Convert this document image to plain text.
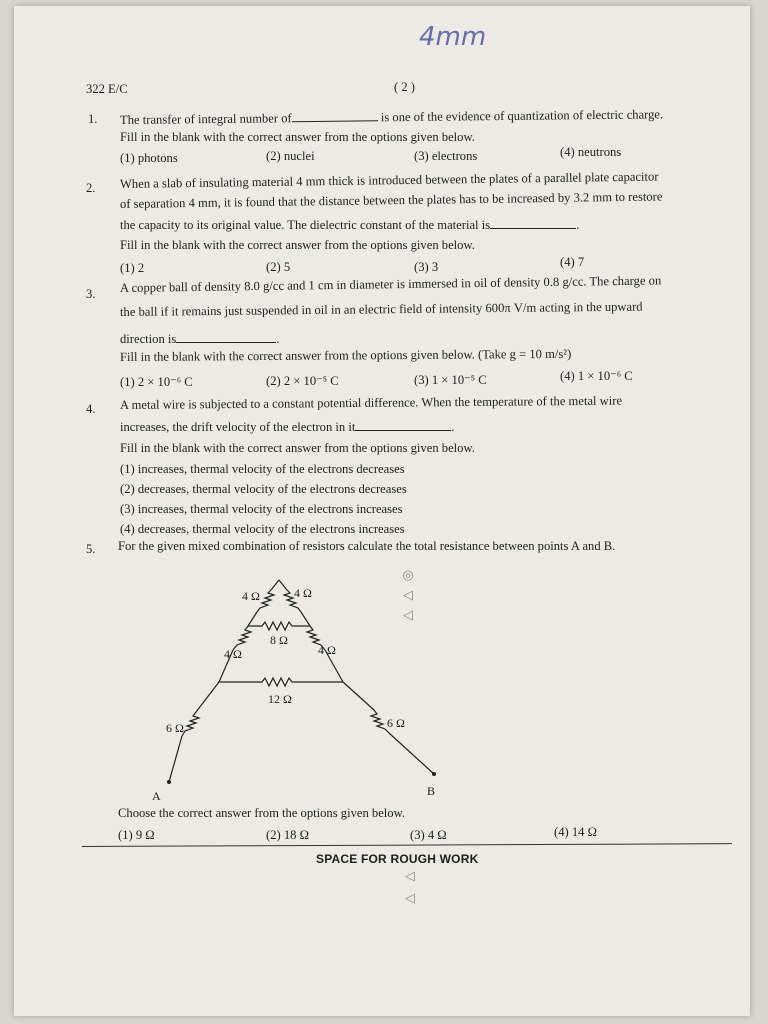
4mm
322 E/C	( 2 )
1. The transfer of integral number of	is one of the evidence of quantization of electric charge.
Fill in the blank with the correct answer from the options given below.
(1) photons	(2) nuclei	(3) electrons	(4) neutrons
2. When a slab of insulating material 4 mm thick is introduced between the plates of a parallel plate capacitor
of separation 4 mm, it is found that the distance between the plates has to be increased by 3.2 mm to restore
the capacity to its original value. The dielectric constant of the material is	.
Fill in the blank with the correct answer from the options given below.
(1) 2	(2) 5	(3) 3	(4) 7
3. A copper ball of density 8.0 g/cc and 1 cm in diameter is immersed in oil of density 0.8 g/cc. The charge on
the ball if it remains just suspended in oil in an electric field of intensity 600π V/m acting in the upward
direction is	.
Fill in the blank with the correct answer from the options given below. (Take g = 10 m/s²)
(1) 2 × 10⁻⁶ C	(2) 2 × 10⁻⁵ C	(3) 1 × 10⁻⁵ C	(4) 1 × 10⁻⁶ C
4. A metal wire is subjected to a constant potential difference. When the temperature of the metal wire
increases, the drift velocity of the electron in it	.
Fill in the blank with the correct answer from the options given below.
(1) increases, thermal velocity of the electrons decreases
(2) decreases, thermal velocity of the electrons decreases
(3) increases, thermal velocity of the electrons increases
(4) decreases, thermal velocity of the electrons increases
5. For the given mixed combination of resistors calculate the total resistance between points A and B.
4 Ω	4 Ω
8 Ω
4 Ω	4 Ω
12 Ω
6 Ω	6 Ω
A	B
Choose the correct answer from the options given below.
(1) 9 Ω	(2) 18 Ω	(3) 4 Ω	(4) 14 Ω
SPACE FOR ROUGH WORK
◎
◁
◁
◁
◁
